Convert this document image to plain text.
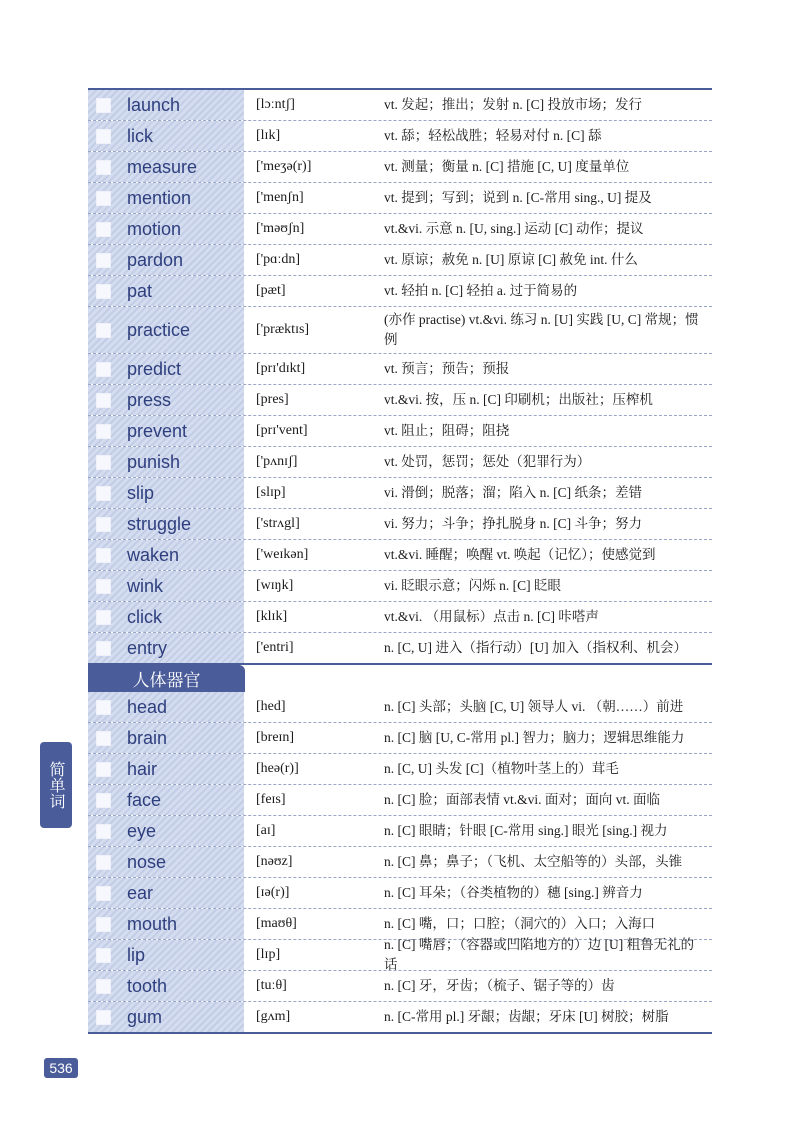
launch	[lɔːntʃ]	vt. 发起；推出；发射 n. [C] 投放市场；发行
lick	[lɪk]	vt. 舔；轻松战胜；轻易对付 n. [C] 舔
measure	['meʒə(r)]	vt. 测量；衡量 n. [C] 措施 [C, U] 度量单位
mention	['menʃn]	vt. 提到；写到；说到 n. [C-常用 sing., U] 提及
motion	['məʊʃn]	vt.&vi. 示意 n. [U, sing.] 运动 [C] 动作；提议
pardon	['pɑːdn]	vt. 原谅；赦免 n. [U] 原谅 [C] 赦免 int. 什么
pat	[pæt]	vt. 轻拍 n. [C] 轻拍 a. 过于简易的
practice	['præktɪs]
(亦作 practise) vt.&vi. 练习 n. [U] 实践 [U, C] 常规；惯例
predict	[prɪ'dɪkt]	vt. 预言；预告；预报
press	[pres]	vt.&vi. 按，压 n. [C] 印刷机；出版社；压榨机
prevent	[prɪ'vent]	vt. 阻止；阻碍；阻挠
punish	['pʌnɪʃ]	vt. 处罚，惩罚；惩处（犯罪行为）
slip	[slɪp]	vi. 滑倒；脱落；溜；陷入 n. [C] 纸条；差错
struggle	['strʌgl]	vi. 努力；斗争；挣扎脱身 n. [C] 斗争；努力
waken	['weɪkən]	vt.&vi. 睡醒；唤醒 vt. 唤起（记忆）；使感觉到
wink	[wɪŋk]	vi. 眨眼示意；闪烁 n. [C] 眨眼
click	[klɪk]	vt.&vi. （用鼠标）点击 n. [C] 咔嗒声
entry	['entri]	n. [C, U] 进入（指行动）[U] 加入（指权利、机会）
人体器官
head	[hed]	n. [C] 头部；头脑 [C, U] 领导人 vi. （朝……）前进
brain	[breɪn]	n. [C] 脑 [U, C-常用 pl.] 智力；脑力；逻辑思维能力
hair	[heə(r)]	n. [C, U] 头发 [C]（植物叶茎上的）茸毛
face	[feɪs]	n. [C] 脸；面部表情 vt.&vi. 面对；面向 vt. 面临
eye	[aɪ]	n. [C] 眼睛；针眼 [C-常用 sing.] 眼光 [sing.] 视力
nose	[nəʊz]	n. [C] 鼻；鼻子；（飞机、太空船等的）头部，头锥
ear	[ɪə(r)]	n. [C] 耳朵；（谷类植物的）穗 [sing.] 辨音力
mouth	[maʊθ]	n. [C] 嘴，口；口腔；（洞穴的）入口；入海口
lip	[lɪp]
n. [C] 嘴唇；（容器或凹陷地方的）边 [U] 粗鲁无礼的话
tooth	[tuːθ]	n. [C] 牙，牙齿；（梳子、锯子等的）齿
gum	[gʌm]	n. [C-常用 pl.] 牙龈；齿龈；牙床 [U] 树胶；树脂
简单词
536
